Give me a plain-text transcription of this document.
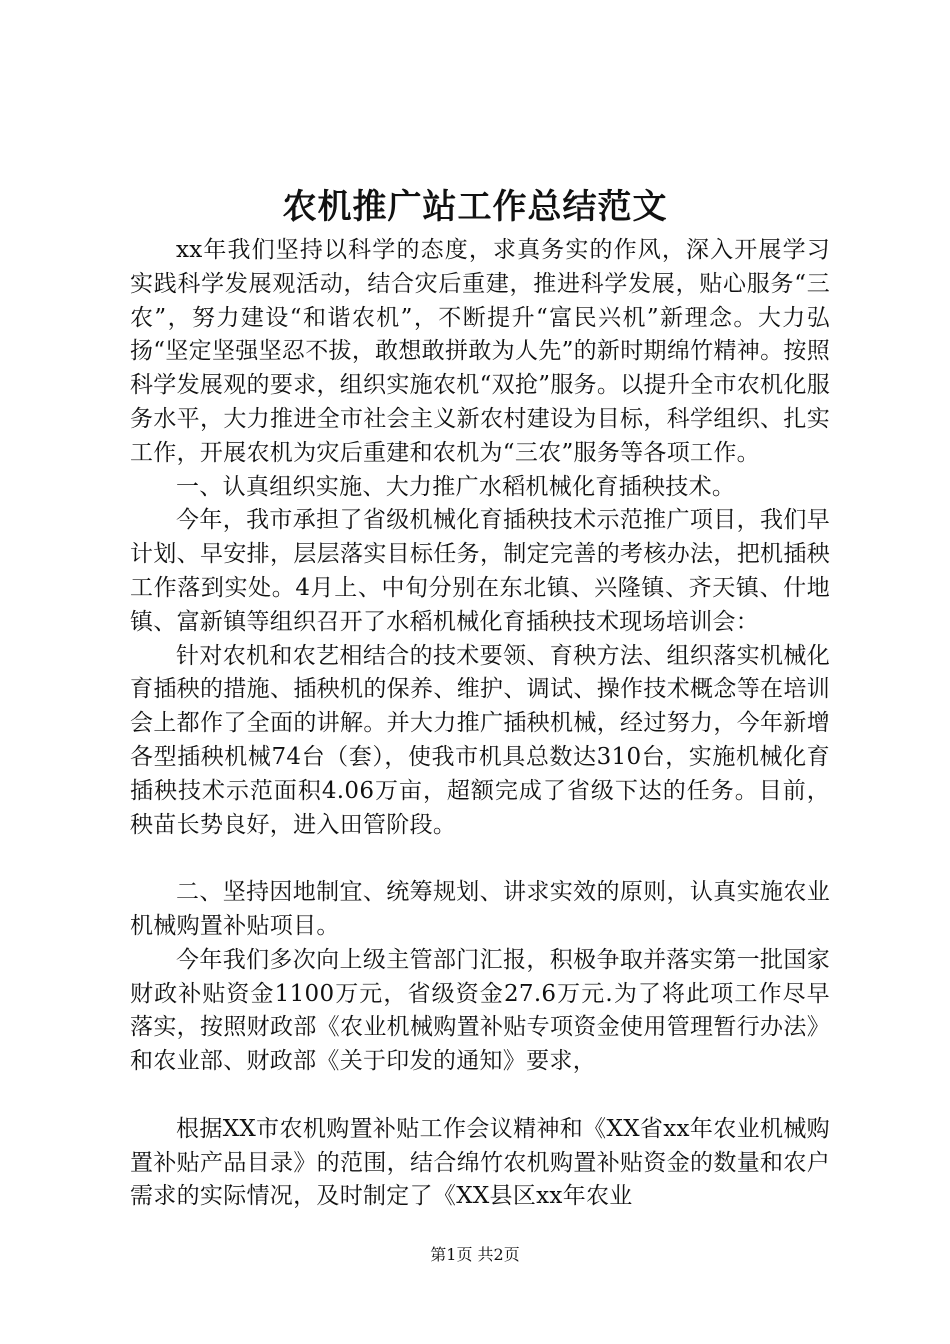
农机推广站工作总结范文

xx年我们坚持以科学的态度，求真务实的作风，深入开展学习实践科学发展观活动，结合灾后重建，推进科学发展，贴心服务“三农”，努力建设“和谐农机”，不断提升“富民兴机”新理念。大力弘扬“坚定坚强坚忍不拔，敢想敢拼敢为人先”的新时期绵竹精神。按照科学发展观的要求，组织实施农机“双抢”服务。以提升全市农机化服务水平，大力推进全市社会主义新农村建设为目标，科学组织、扎实工作，开展农机为灾后重建和农机为“三农”服务等各项工作。

一、认真组织实施、大力推广水稻机械化育插秧技术。

今年，我市承担了省级机械化育插秧技术示范推广项目，我们早计划、早安排，层层落实目标任务，制定完善的考核办法，把机插秧工作落到实处。4月上、中旬分别在东北镇、兴隆镇、齐天镇、什地镇、富新镇等组织召开了水稻机械化育插秧技术现场培训会：

针对农机和农艺相结合的技术要领、育秧方法、组织落实机械化育插秧的措施、插秧机的保养、维护、调试、操作技术概念等在培训会上都作了全面的讲解。并大力推广插秧机械，经过努力，今年新增各型插秧机械74台（套），使我市机具总数达310台，实施机械化育插秧技术示范面积4.06万亩，超额完成了省级下达的任务。目前，秧苗长势良好，进入田管阶段。

二、坚持因地制宜、统筹规划、讲求实效的原则，认真实施农业机械购置补贴项目。

今年我们多次向上级主管部门汇报，积极争取并落实第一批国家财政补贴资金1100万元，省级资金27.6万元.为了将此项工作尽早落实，按照财政部《农业机械购置补贴专项资金使用管理暂行办法》和农业部、财政部《关于印发的通知》要求，

根据XX市农机购置补贴工作会议精神和《XX省xx年农业机械购置补贴产品目录》的范围，结合绵竹农机购置补贴资金的数量和农户需求的实际情况，及时制定了《XX县区xx年农业

第1页 共2页
